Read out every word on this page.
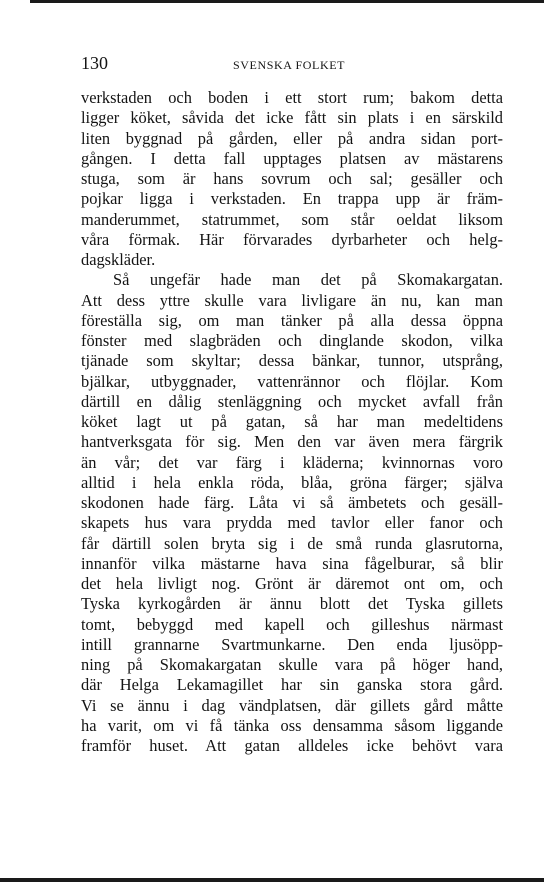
130	SVENSKA FOLKET
verkstaden och boden i ett stort rum; bakom detta
ligger köket, såvida det icke fått sin plats i en särskild
liten byggnad på gården, eller på andra sidan port-
gången. I detta fall upptages platsen av mästarens
stuga, som är hans sovrum och sal; gesäller och
pojkar ligga i verkstaden. En trappa upp är främ-
manderummet, statrummet, som står oeldat liksom
våra förmak. Här förvarades dyrbarheter och helg-
dagskläder.
Så ungefär hade man det på Skomakargatan.
Att dess yttre skulle vara livligare än nu, kan man
föreställa sig, om man tänker på alla dessa öppna
fönster med slagbräden och dinglande skodon, vilka
tjänade som skyltar; dessa bänkar, tunnor, utsprång,
bjälkar, utbyggnader, vattenrännor och flöjlar. Kom
därtill en dålig stenläggning och mycket avfall från
köket lagt ut på gatan, så har man medeltidens
hantverksgata för sig. Men den var även mera färgrik
än vår; det var färg i kläderna; kvinnornas voro
alltid i hela enkla röda, blåa, gröna färger; själva
skodonen hade färg. Låta vi så ämbetets och gesäll-
skapets hus vara prydda med tavlor eller fanor och
får därtill solen bryta sig i de små runda glasrutorna,
innanför vilka mästarne hava sina fågelburar, så blir
det hela livligt nog. Grönt är däremot ont om, och
Tyska kyrkogården är ännu blott det Tyska gillets
tomt, bebyggd med kapell och gilleshus närmast
intill grannarne Svartmunkarne. Den enda ljusöpp-
ning på Skomakargatan skulle vara på höger hand,
där Helga Lekamagillet har sin ganska stora gård.
Vi se ännu i dag vändplatsen, där gillets gård måtte
ha varit, om vi få tänka oss densamma såsom liggande
framför huset. Att gatan alldeles icke behövt vara
